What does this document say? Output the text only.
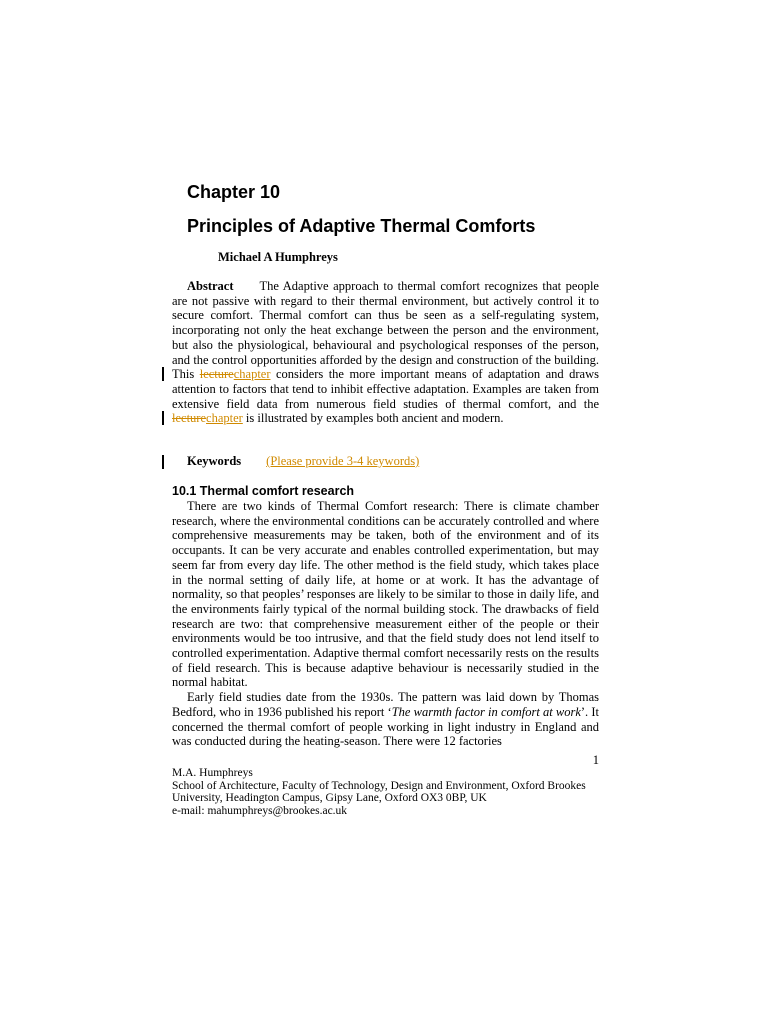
Chapter 10
Principles of Adaptive Thermal Comforts
Michael A Humphreys
Abstract The Adaptive approach to thermal comfort recognizes that people are not passive with regard to their thermal environment, but actively control it to secure comfort. Thermal comfort can thus be seen as a self-regulating system, incorporating not only the heat exchange between the person and the environment, but also the physiological, behavioural and psychological responses of the person, and the control opportunities afforded by the design and construction of the building. This lecturechapter considers the more important means of adaptation and draws attention to factors that tend to inhibit effective adaptation. Examples are taken from extensive field data from numerous field studies of thermal comfort, and the lecturechapter is illustrated by examples both ancient and modern.
Keywords (Please provide 3-4 keywords)
10.1 Thermal comfort research

There are two kinds of Thermal Comfort research: There is climate chamber research, where the environmental conditions can be accurately controlled and where comprehensive measurements may be taken, both of the environment and of its occupants. It can be very accurate and enables controlled experimentation, but may seem far from every day life. The other method is the field study, which takes place in the normal setting of daily life, at home or at work. It has the advantage of normality, so that peoples’ responses are likely to be similar to those in daily life, and the environments fairly typical of the normal building stock. The drawbacks of field research are two: that comprehensive measurement either of the people or their environments would be too intrusive, and that the field study does not lend itself to controlled experimentation. Adaptive thermal comfort necessarily rests on the results of field research. This is because adaptive behaviour is necessarily studied in the normal habitat.

Early field studies date from the 1930s. The pattern was laid down by Thomas Bedford, who in 1936 published his report ‘The warmth factor in comfort at work’. It concerned the thermal comfort of people working in light industry in England and was conducted during the heating-season. There were 12 factories

1
M.A. Humphreys
School of Architecture, Faculty of Technology, Design and Environment, Oxford Brookes
University, Headington Campus, Gipsy Lane, Oxford OX3 0BP, UK
e-mail: mahumphreys@brookes.ac.uk
